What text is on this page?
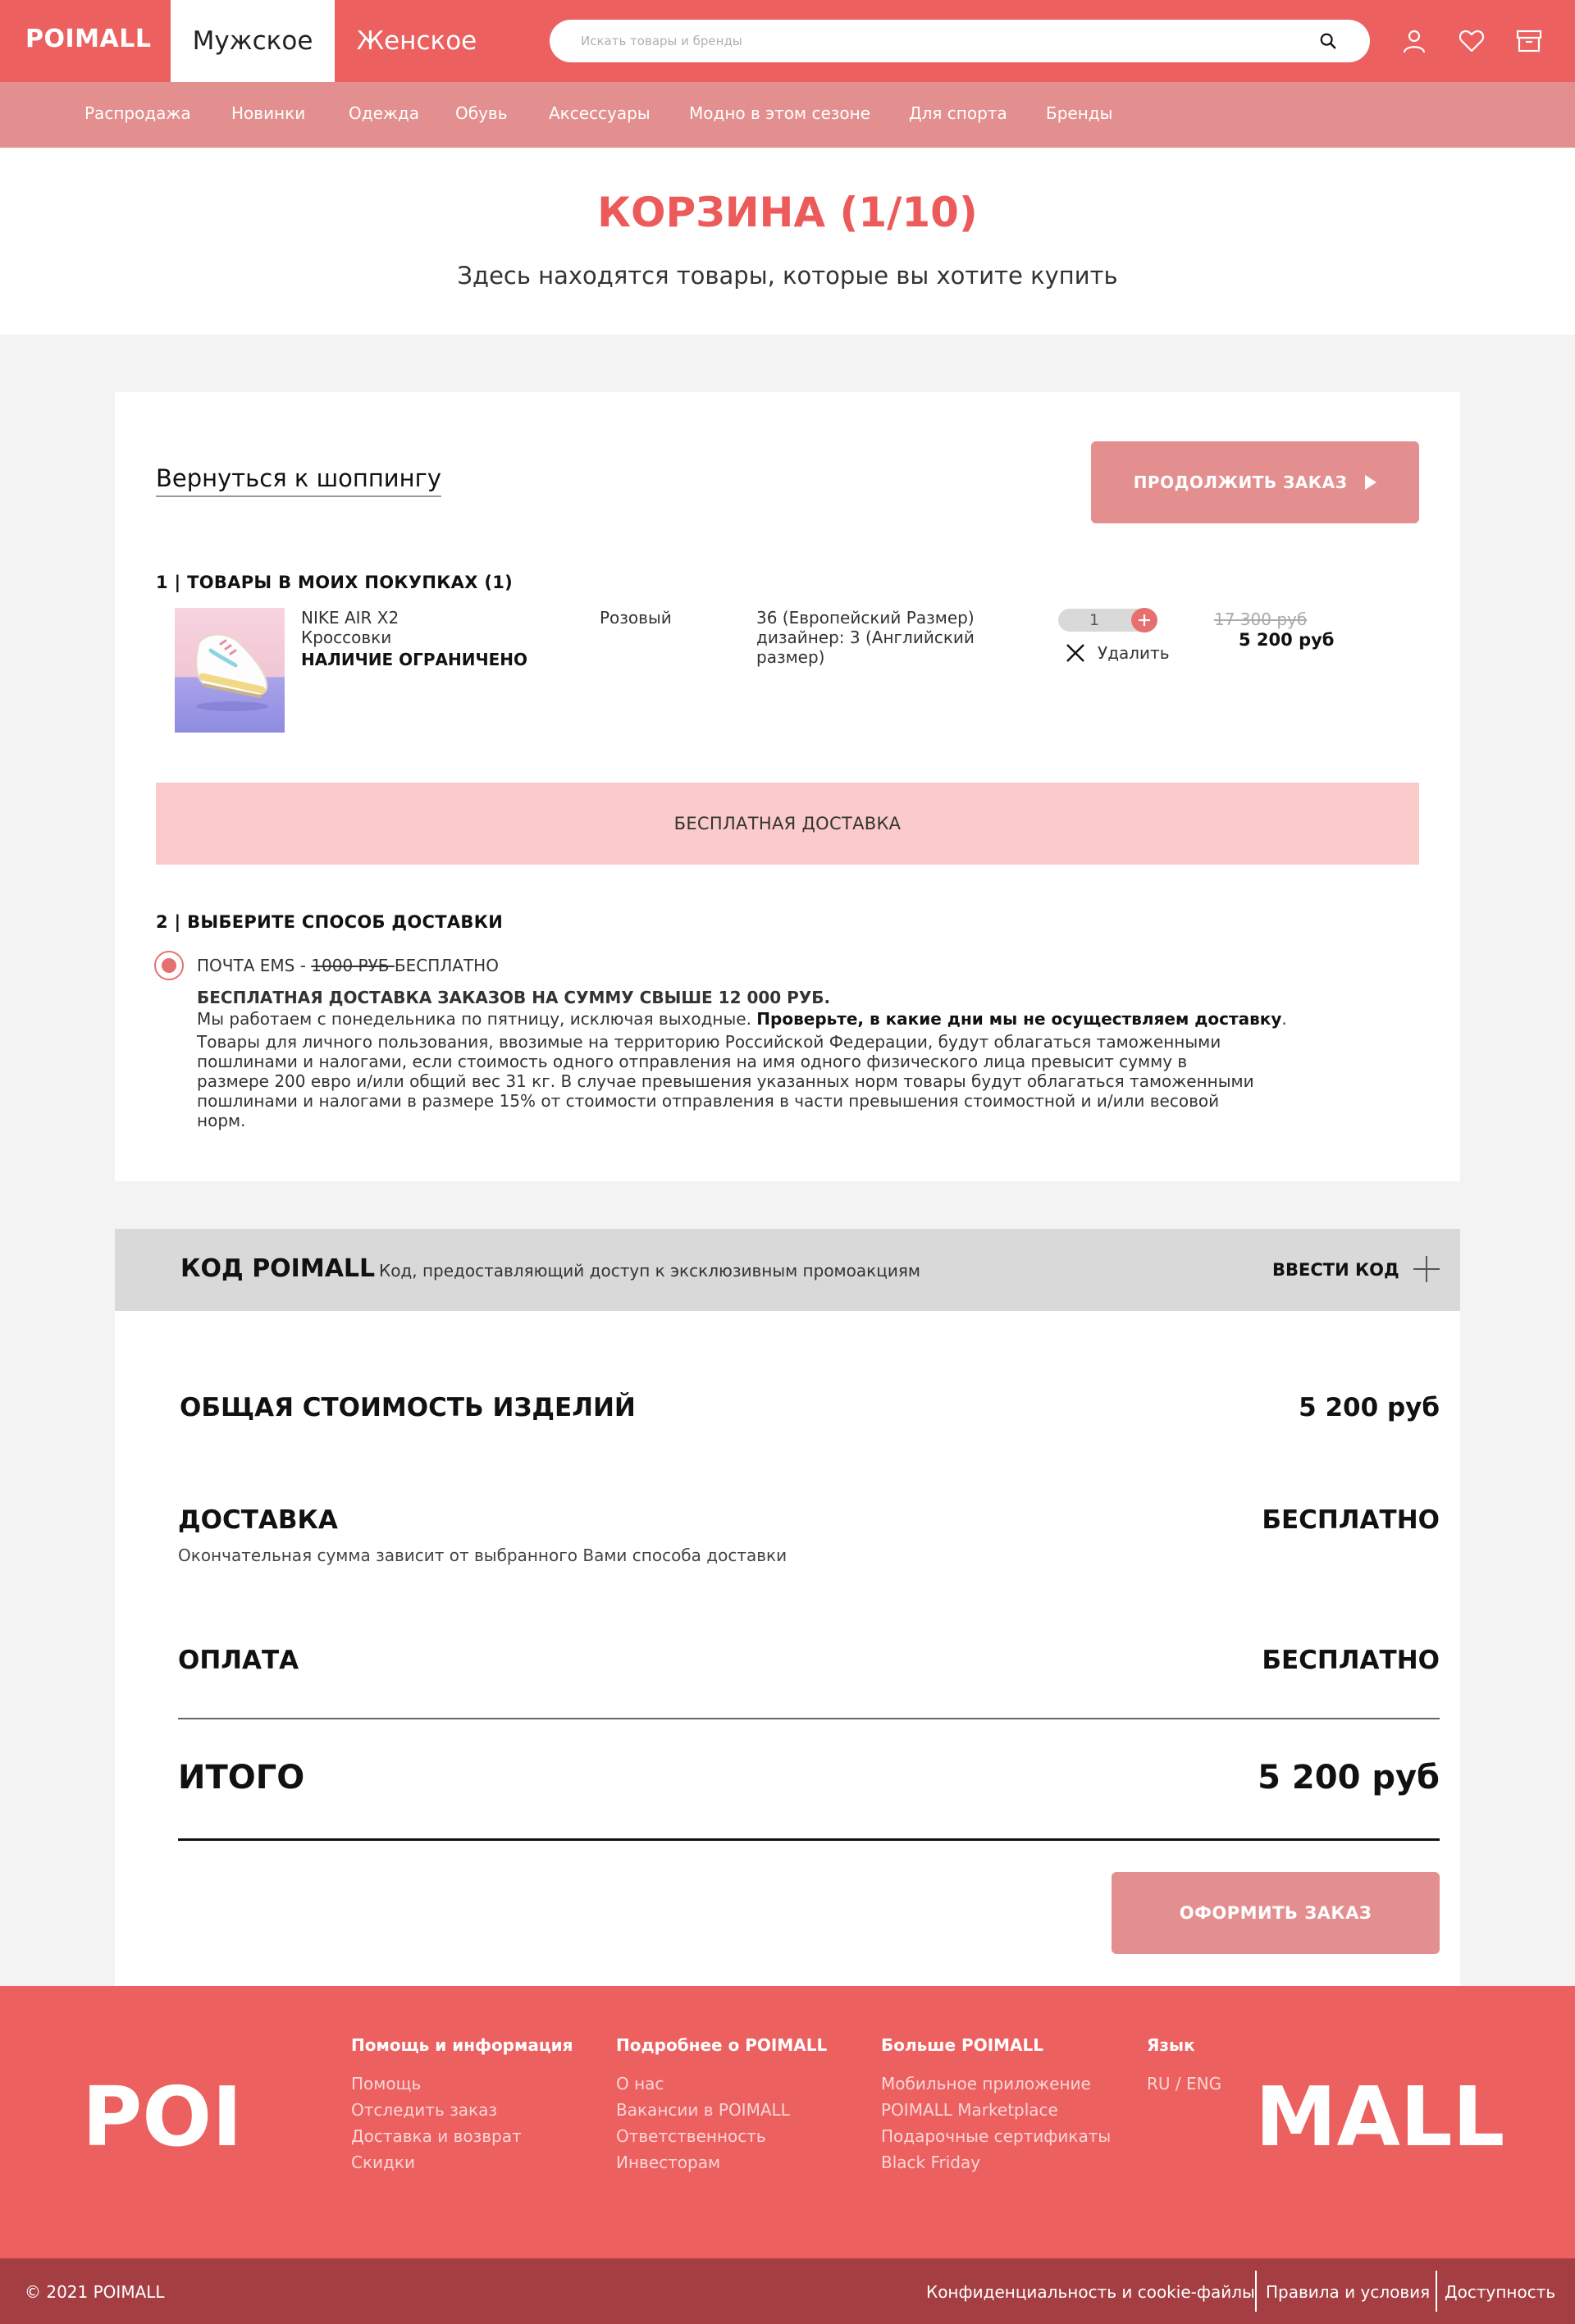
POIMALL	Мужское	Женское
Искать товары и бренды
Распродажа Новинки	Одежда Обувь	Аксессуары Модно в этом сезоне Для спорта Бренды
КОРЗИНА (1/10)
Здесь находятся товары, которые вы хотите купить
Вернуться к шоппингу	ПРОДОЛЖИТЬ ЗАКАЗ
1 | ТОВАРЫ В МОИХ ПОКУПКАХ (1)
NIKE AIR X2
Кроссовки
НАЛИЧИЕ ОГРАНИЧЕНО
Розовый	36 (Европейский Размер)
дизайнер: 3 (Английский
размер)
1
Удалить
17 300 руб
5 200 руб
БЕСПЛАТНАЯ ДОСТАВКА
2 | ВЫБЕРИТЕ СПОСОБ ДОСТАВКИ
ПОЧТА EMS - 1000 РУБ БЕСПЛАТНО
БЕСПЛАТНАЯ ДОСТАВКА ЗАКАЗОВ НА СУММУ СВЫШЕ 12 000 РУБ.
Мы работаем с понедельника по пятницу, исключая выходные. Проверьте, в какие дни мы не осуществляем доставку.
Товары для личного пользования, ввозимые на территорию Российской Федерации, будут облагаться таможенными
пошлинами и налогами, если стоимость одного отправления на имя одного физического лица превысит сумму в
размере 200 евро и/или общий вес 31 кг. В случае превышения указанных норм товары будут облагаться таможенными
пошлинами и налогами в размере 15% от стоимости отправления в части превышения стоимостной и и/или весовой
норм.
КОД POIMALL Код, предоставляющий доступ к эксклюзивным промоакциям	ВВЕСТИ КОД
ОБЩАЯ СТОИМОСТЬ ИЗДЕЛИЙ	5 200 руб
ДОСТАВКА	БЕСПЛАТНО
Окончательная сумма зависит от выбранного Вами способа доставки
ОПЛАТА	БЕСПЛАТНО
ИТОГО	5 200 руб
ОФОРМИТЬ ЗАКАЗ
POI	MALL
Помощь и информация
Помощь
Отследить заказ
Доставка и возврат
Скидки
Подробнее о POIMALL
О нас
Вакансии в POIMALL
Ответственность
Инвесторам
Больше POIMALL
Мобильное приложение
POIMALL Marketplace
Подарочные сертификаты
Black Friday
Язык
RU / ENG
© 2021 POIMALL	Конфиденциальность и cookie-файлы Правила и условия Доступность
